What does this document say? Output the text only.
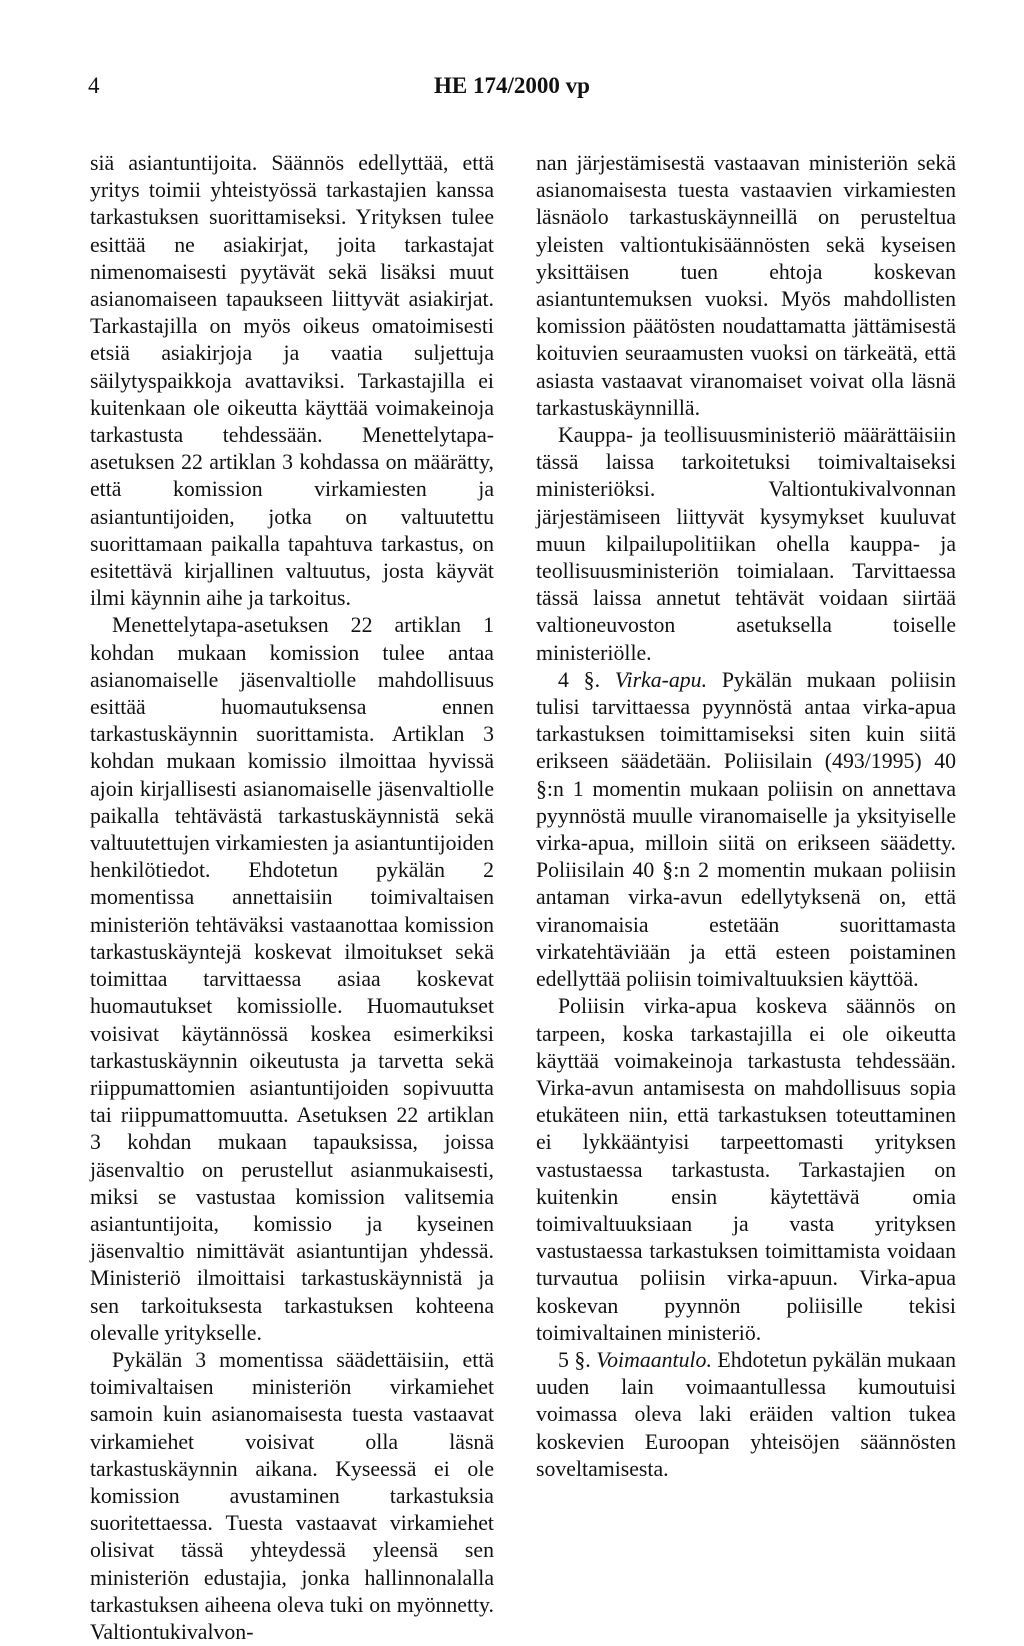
4	HE 174/2000 vp

siä asiantuntijoita. Säännös edellyttää, että yritys toimii yhteistyössä tarkastajien kanssa tarkastuksen suorittamiseksi. Yrityksen tulee esittää ne asiakirjat, joita tarkastajat nimenomaisesti pyytävät sekä lisäksi muut asianomaiseen tapaukseen liittyvät asiakirjat. Tarkastajilla on myös oikeus omatoimisesti etsiä asiakirjoja ja vaatia suljettuja säilytyspaikkoja avattaviksi. Tarkastajilla ei kuitenkaan ole oikeutta käyttää voimakeinoja tarkastusta tehdessään. Menettelytapa-asetuksen 22 artiklan 3 kohdassa on määrätty, että komission virkamiesten ja asiantuntijoiden, jotka on valtuutettu suorittamaan paikalla tapahtuva tarkastus, on esitettävä kirjallinen valtuutus, josta käyvät ilmi käynnin aihe ja tarkoitus.

Menettelytapa-asetuksen 22 artiklan 1 kohdan mukaan komission tulee antaa asianomaiselle jäsenvaltiolle mahdollisuus esittää huomautuksensa ennen tarkastuskäynnin suorittamista. Artiklan 3 kohdan mukaan komissio ilmoittaa hyvissä ajoin kirjallisesti asianomaiselle jäsenvaltiolle paikalla tehtävästä tarkastuskäynnistä sekä valtuutettujen virkamiesten ja asiantuntijoiden henkilötiedot. Ehdotetun pykälän 2 momentissa annettaisiin toimivaltaisen ministeriön tehtäväksi vastaanottaa komission tarkastuskäyntejä koskevat ilmoitukset sekä toimittaa tarvittaessa asiaa koskevat huomautukset komissiolle. Huomautukset voisivat käytännössä koskea esimerkiksi tarkastuskäynnin oikeutusta ja tarvetta sekä riippumattomien asiantuntijoiden sopivuutta tai riippumattomuutta. Asetuksen 22 artiklan 3 kohdan mukaan tapauksissa, joissa jäsenvaltio on perustellut asianmukaisesti, miksi se vastustaa komission valitsemia asiantuntijoita, komissio ja kyseinen jäsenvaltio nimittävät asiantuntijan yhdessä. Ministeriö ilmoittaisi tarkastuskäynnistä ja sen tarkoituksesta tarkastuksen kohteena olevalle yritykselle.

Pykälän 3 momentissa säädettäisiin, että toimivaltaisen ministeriön virkamiehet samoin kuin asianomaisesta tuesta vastaavat virkamiehet voisivat olla läsnä tarkastuskäynnin aikana. Kyseessä ei ole komission avustaminen tarkastuksia suoritettaessa. Tuesta vastaavat virkamiehet olisivat tässä yhteydessä yleensä sen ministeriön edustajia, jonka hallinnonalalla tarkastuksen aiheena oleva tuki on myönnetty. Valtiontukivalvon-

nan järjestämisestä vastaavan ministeriön sekä asianomaisesta tuesta vastaavien virkamiesten läsnäolo tarkastuskäynneillä on perusteltua yleisten valtiontukisäännösten sekä kyseisen yksittäisen tuen ehtoja koskevan asiantuntemuksen vuoksi. Myös mahdollisten komission päätösten noudattamatta jättämisestä koituvien seuraamusten vuoksi on tärkeätä, että asiasta vastaavat viranomaiset voivat olla läsnä tarkastuskäynnillä.

Kauppa- ja teollisuusministeriö määrättäisiin tässä laissa tarkoitetuksi toimivaltaiseksi ministeriöksi. Valtiontukivalvonnan järjestämiseen liittyvät kysymykset kuuluvat muun kilpailupolitiikan ohella kauppa- ja teollisuusministeriön toimialaan. Tarvittaessa tässä laissa annetut tehtävät voidaan siirtää valtioneuvoston asetuksella toiselle ministeriölle.

4 §. Virka-apu. Pykälän mukaan poliisin tulisi tarvittaessa pyynnöstä antaa virka-apua tarkastuksen toimittamiseksi siten kuin siitä erikseen säädetään. Poliisilain (493/1995) 40 §:n 1 momentin mukaan poliisin on annettava pyynnöstä muulle viranomaiselle ja yksityiselle virka-apua, milloin siitä on erikseen säädetty. Poliisilain 40 §:n 2 momentin mukaan poliisin antaman virka-avun edellytyksenä on, että viranomaisia estetään suorittamasta virkatehtäviään ja että esteen poistaminen edellyttää poliisin toimivaltuuksien käyttöä.

Poliisin virka-apua koskeva säännös on tarpeen, koska tarkastajilla ei ole oikeutta käyttää voimakeinoja tarkastusta tehdessään. Virka-avun antamisesta on mahdollisuus sopia etukäteen niin, että tarkastuksen toteuttaminen ei lykkääntyisi tarpeettomasti yrityksen vastustaessa tarkastusta. Tarkastajien on kuitenkin ensin käytettävä omia toimivaltuuksiaan ja vasta yrityksen vastustaessa tarkastuksen toimittamista voidaan turvautua poliisin virka-apuun. Virka-apua koskevan pyynnön poliisille tekisi toimivaltainen ministeriö.

5 §. Voimaantulo. Ehdotetun pykälän mukaan uuden lain voimaantullessa kumoutuisi voimassa oleva laki eräiden valtion tukea koskevien Euroopan yhteisöjen säännösten soveltamisesta.
